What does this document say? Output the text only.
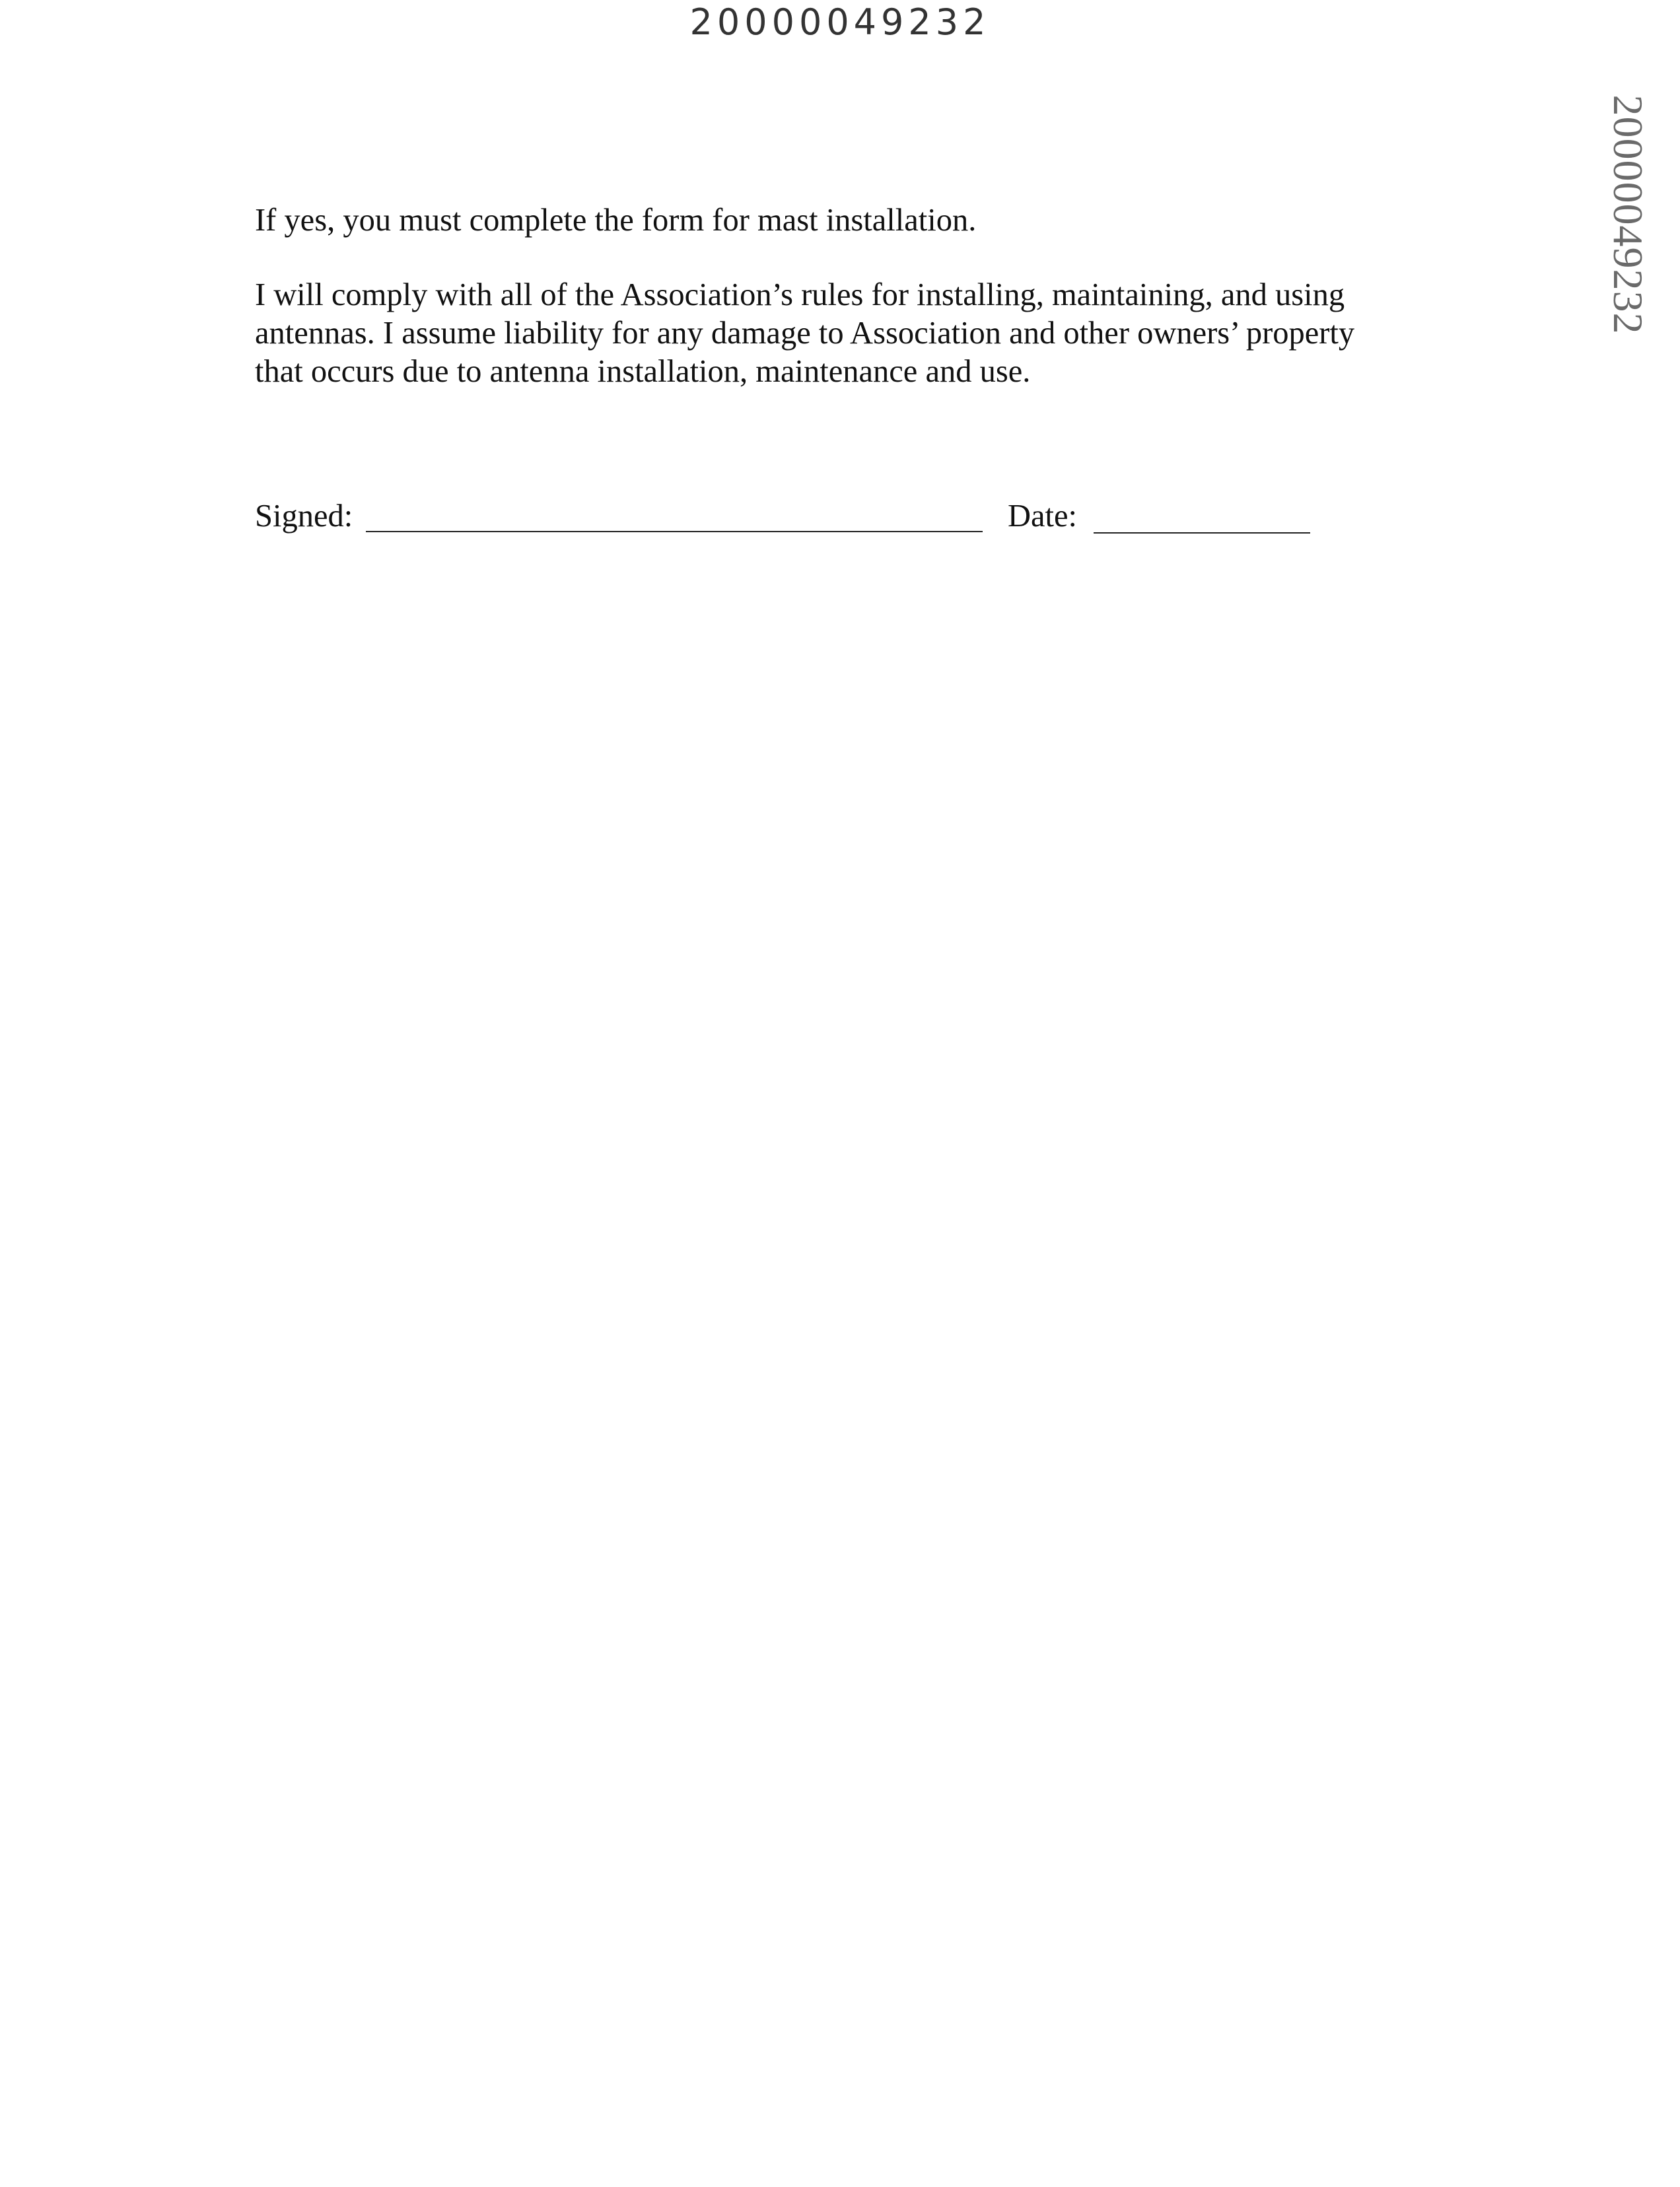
20000049232
20000049232

If yes, you must complete the form for mast installation.

I will comply with all of the Association’s rules for installing, maintaining, and using
antennas. I assume liability for any damage to Association and other owners’ property
that occurs due to antenna installation, maintenance and use.
Signed:	Date:
